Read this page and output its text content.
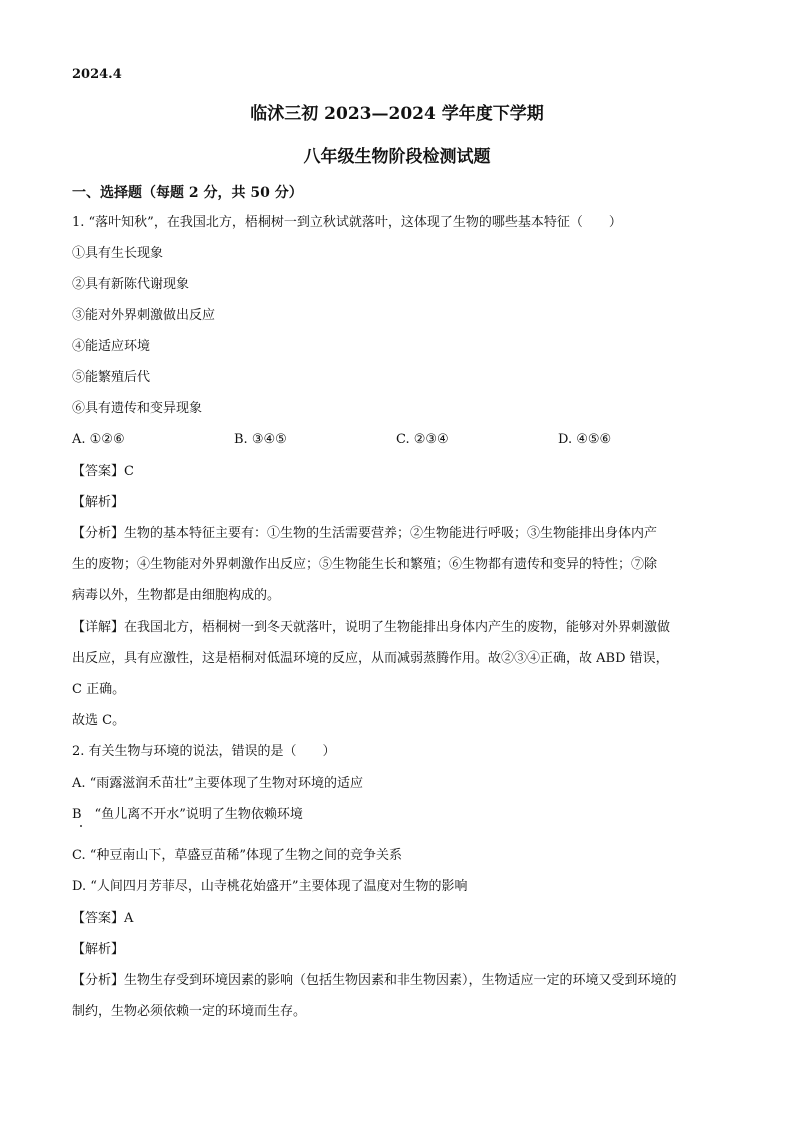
2024.4
临沭三初 2023—2024 学年度下学期
八年级生物阶段检测试题
一、选择题（每题 2 分，共 50 分）
1. “落叶知秋”，在我国北方，梧桐树一到立秋试就落叶，这体现了生物的哪些基本特征（　　）
①具有生长现象
②具有新陈代谢现象
③能对外界刺激做出反应
④能适应环境
⑤能繁殖后代
⑥具有遗传和变异现象
A. ①②⑥	B. ③④⑤	C. ②③④	D. ④⑤⑥
【答案】C
【解析】
【分析】生物的基本特征主要有：①生物的生活需要营养；②生物能进行呼吸；③生物能排出身体内产
生的废物；④生物能对外界刺激作出反应；⑤生物能生长和繁殖；⑥生物都有遗传和变异的特性；⑦除
病毒以外，生物都是由细胞构成的。
【详解】在我国北方，梧桐树一到冬天就落叶，说明了生物能排出身体内产生的废物，能够对外界刺激做
出反应，具有应激性，这是梧桐对低温环境的反应，从而减弱蒸腾作用。故②③④正确，故 ABD 错误，
C 正确。
故选 C。
2. 有关生物与环境的说法，错误的是（　　）
A. “雨露滋润禾苗壮”主要体现了生物对环境的适应
B　“鱼儿离不开水”说明了生物依赖环境
C. “种豆南山下，草盛豆苗稀”体现了生物之间的竞争关系
D. “人间四月芳菲尽，山寺桃花始盛开”主要体现了温度对生物的影响
【答案】A
【解析】
【分析】生物生存受到环境因素的影响（包括生物因素和非生物因素），生物适应一定的环境又受到环境的
制约，生物必须依赖一定的环境而生存。
